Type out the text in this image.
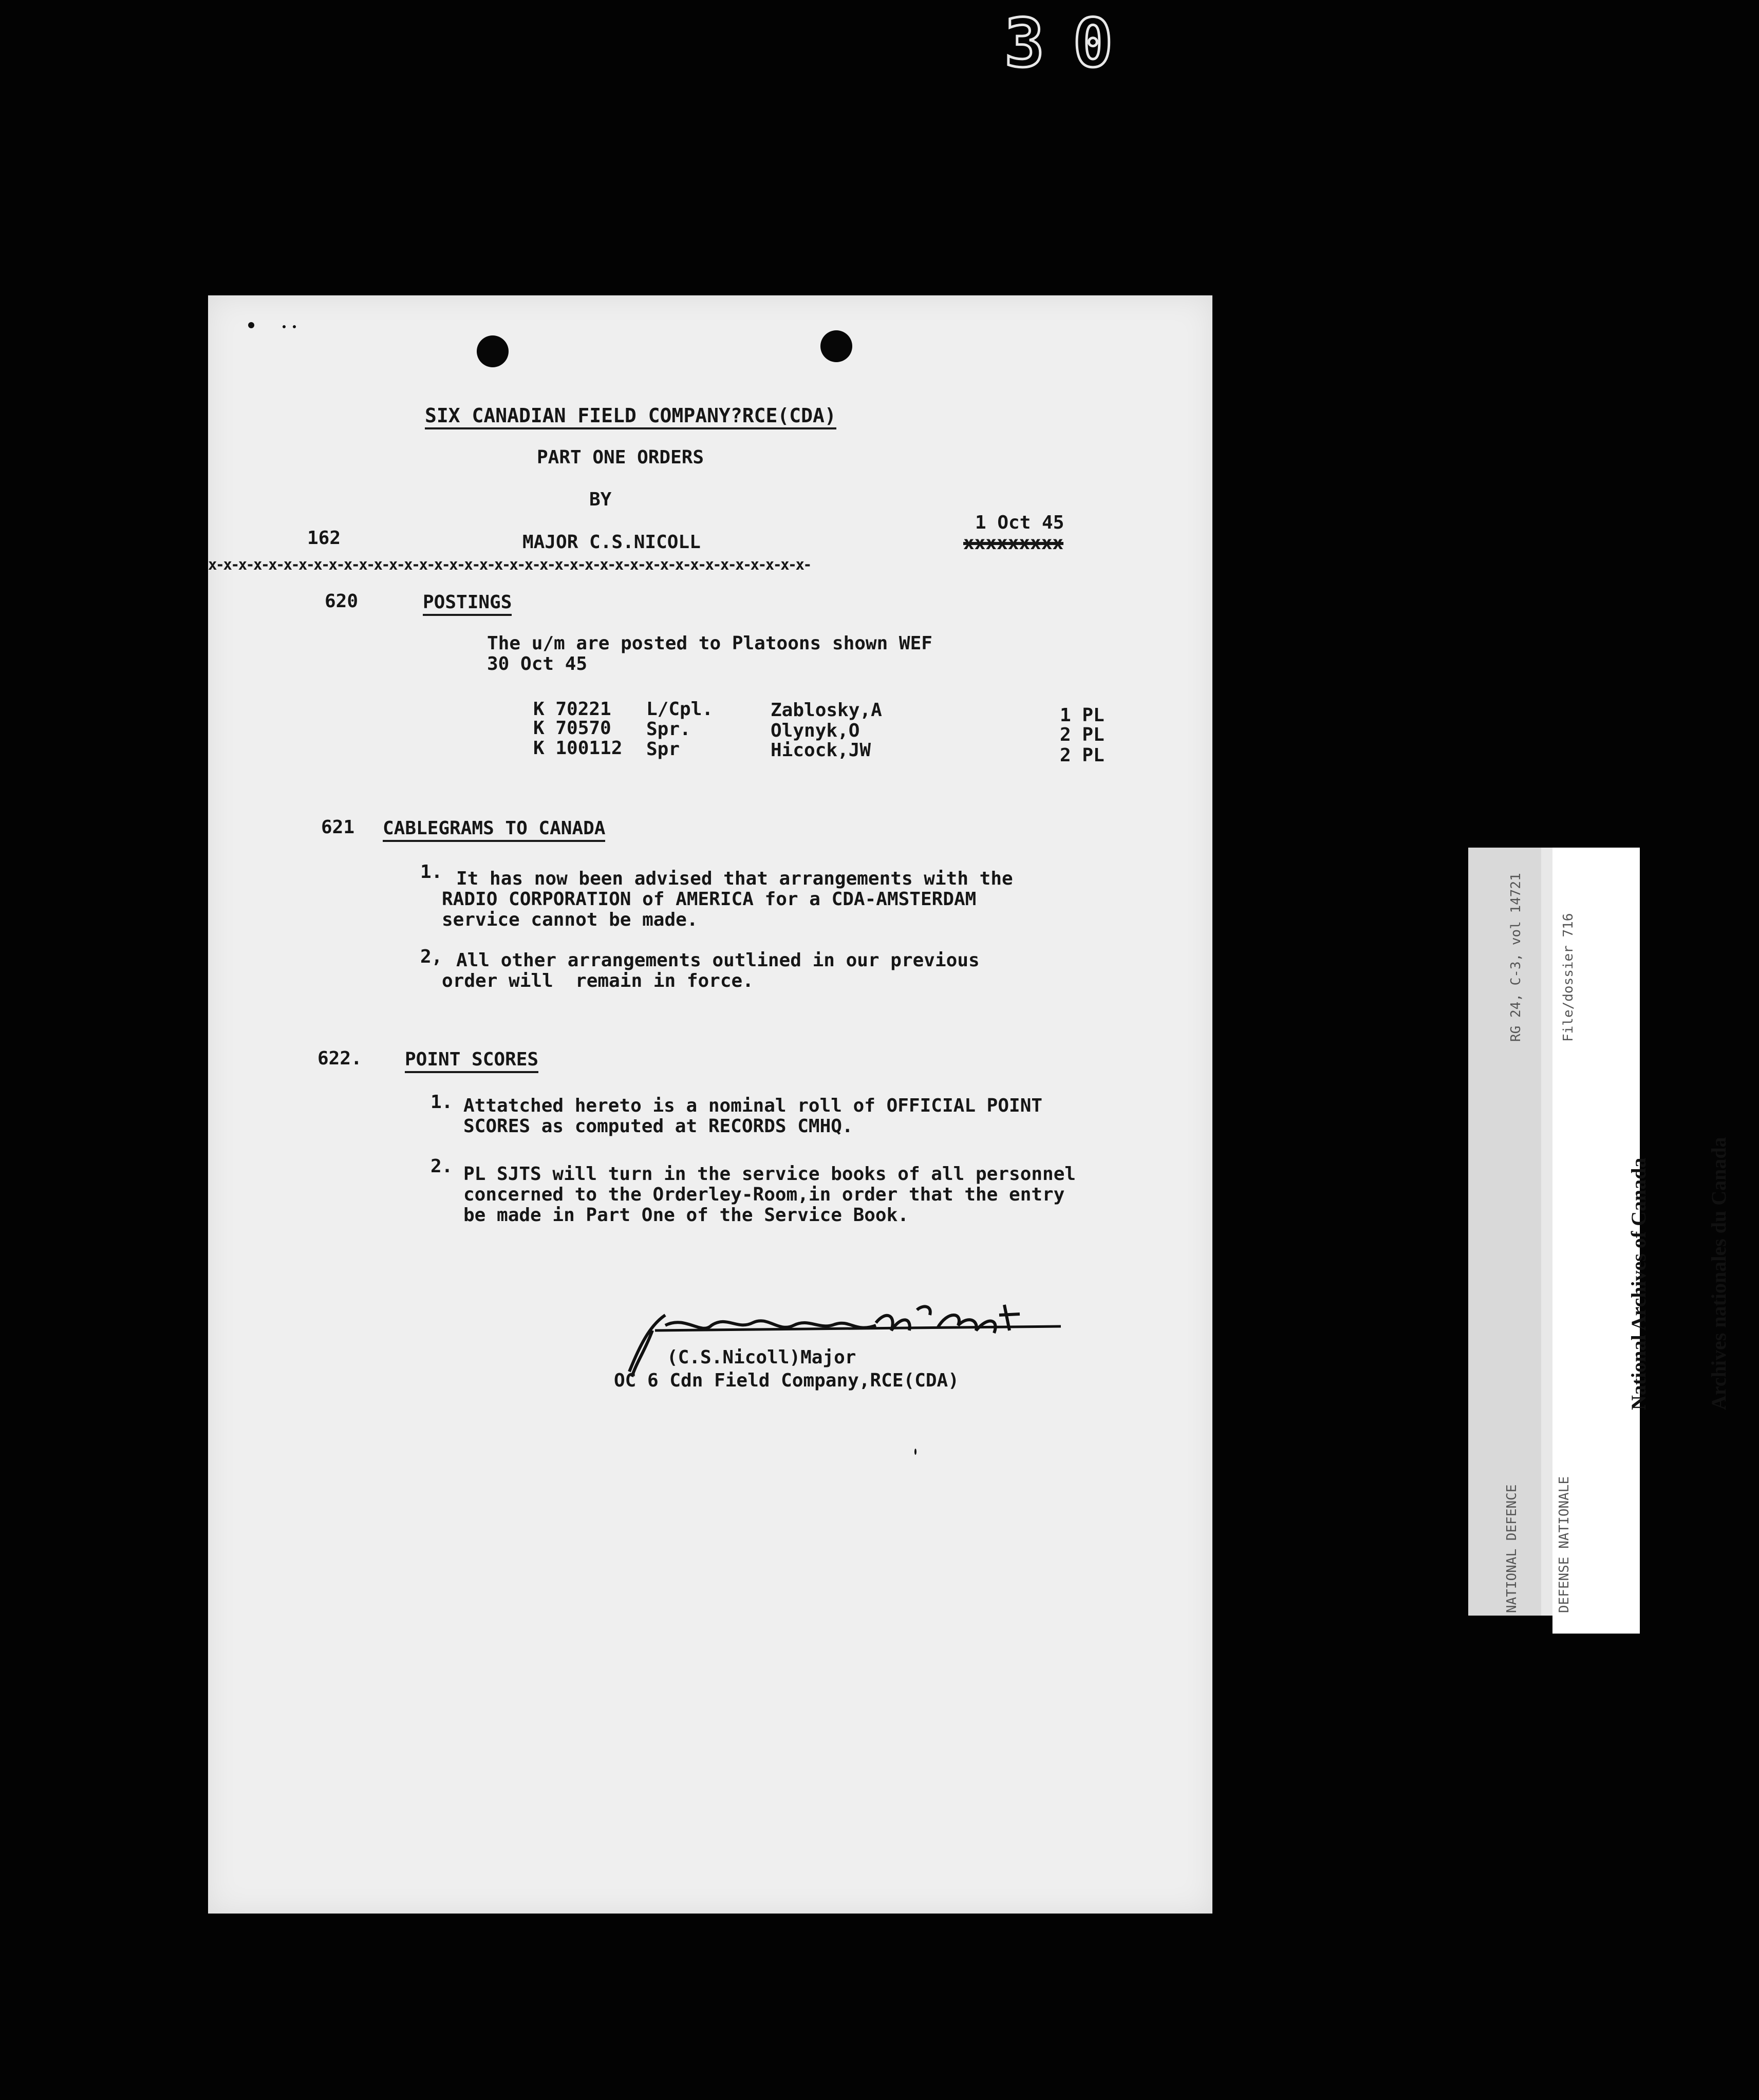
30
SIX CANADIAN FIELD COMPANY?RCE(CDA)
PART ONE ORDERS
BY
162	MAJOR C.S.NICOLL
1 Oct 45
xxxxxxxxx
x-x-x-x-x-x-x-x-x-x-x-x-x-x-x-x-x-x-x-x-x-x-x-x-x-x-x-x-x-x-x-x-x-x-x-x-x-x-x-x-
620	POSTINGS
The u/m are posted to Platoons shown WEF
30 Oct 45
K 70221 L/Cpl.	Zablosky,A	1 PL
K 70570 Spr.	Olynyk,O	2 PL
K 100112 Spr	Hicock,JW	2 PL
621 CABLEGRAMS TO CANADA
1. It has now been advised that arrangements with the
RADIO CORPORATION of AMERICA for a CDA-AMSTERDAM
service cannot be made.
2, All other arrangements outlined in our previous
order will  remain in force.
622. POINT SCORES
1. Attatched hereto is a nominal roll of OFFICIAL POINT
SCORES as computed at RECORDS CMHQ.
2. PL SJTS will turn in the service books of all personnel
concerned to the Orderley-Room,in order that the entry
be made in Part One of the Service Book.
(C.S.Nicoll)Major
OC 6 Cdn Field Company,RCE(CDA)

NATIONAL DEFENCE

	DEFENSE NATIONALE

RG 24, C-3, vol 14721

	File/dossier 716

National Archives of Canada

	Archives nationales du Canada
